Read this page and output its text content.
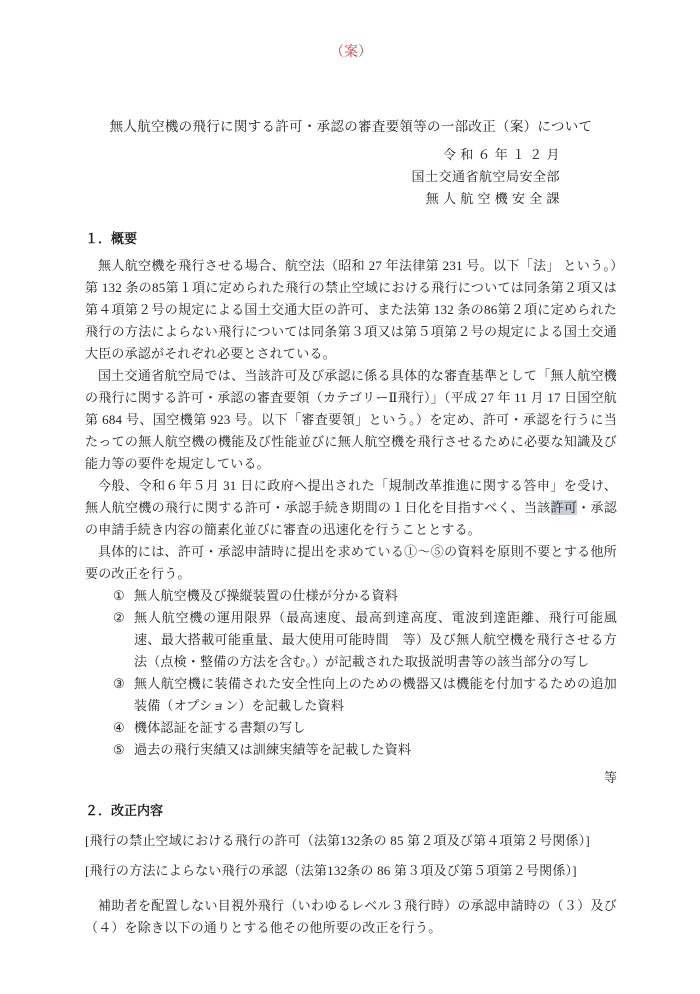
（案）

無人航空機の飛行に関する許可・承認の審査要領等の一部改正（案）について
令 和 ６ 年 １ ２ 月
国土交通省航空局安全部
無 人 航 空 機 安 全 課
１．概要

無人航空機を飛行させる場合、航空法（昭和 27 年法律第 231 号。以下「法」 という。）第 132 条の85第１項に定められた飛行の禁止空域における飛行については同条第２項又は第４項第２号の規定による国土交通大臣の許可、また法第 132 条の86第２項に定められた飛行の方法によらない飛行については同条第３項又は第５項第２号の規定による国土交通大臣の承認がそれぞれ必要とされている。

国土交通省航空局では、当該許可及び承認に係る具体的な審査基準として「無人航空機の飛行に関する許可・承認の審査要領（カテゴリーⅡ飛行）」（平成 27 年 11 月 17 日国空航第 684 号、国空機第 923 号。以下「審査要領」という。）を定め、許可・承認を行うに当たっての無人航空機の機能及び性能並びに無人航空機を飛行させるために必要な知識及び能力等の要件を規定している。

今般、令和６年５月 31 日に政府へ提出された「規制改革推進に関する答申」を受け、無人航空機の飛行に関する許可・承認手続き期間の１日化を目指すべく、当該許可・承認の申請手続き内容の簡素化並びに審査の迅速化を行うこととする。

具体的には、許可・承認申請時に提出を求めている①～⑤の資料を原則不要とする他所要の改正を行う。

① 無人航空機及び操縦装置の仕様が分かる資料
② 無人航空機の運用限界（最高速度、最高到達高度、電波到達距離、飛行可能風速、最大搭載可能重量、最大使用可能時間　等）及び無人航空機を飛行させる方法（点検・整備の方法を含む。）が記載された取扱説明書等の該当部分の写し
③ 無人航空機に装備された安全性向上のための機器又は機能を付加するための追加装備（オプション）を記載した資料
④ 機体認証を証する書類の写し
⑤ 過去の飛行実績又は訓練実績等を記載した資料
等
２．改正内容

[飛行の禁止空域における飛行の許可（法第132条の 85 第２項及び第４項第２号関係）]

[飛行の方法によらない飛行の承認（法第132条の 86 第３項及び第５項第２号関係）]

補助者を配置しない目視外飛行（いわゆるレベル３飛行時）の承認申請時の（３）及び（４）を除き以下の通りとする他その他所要の改正を行う。
